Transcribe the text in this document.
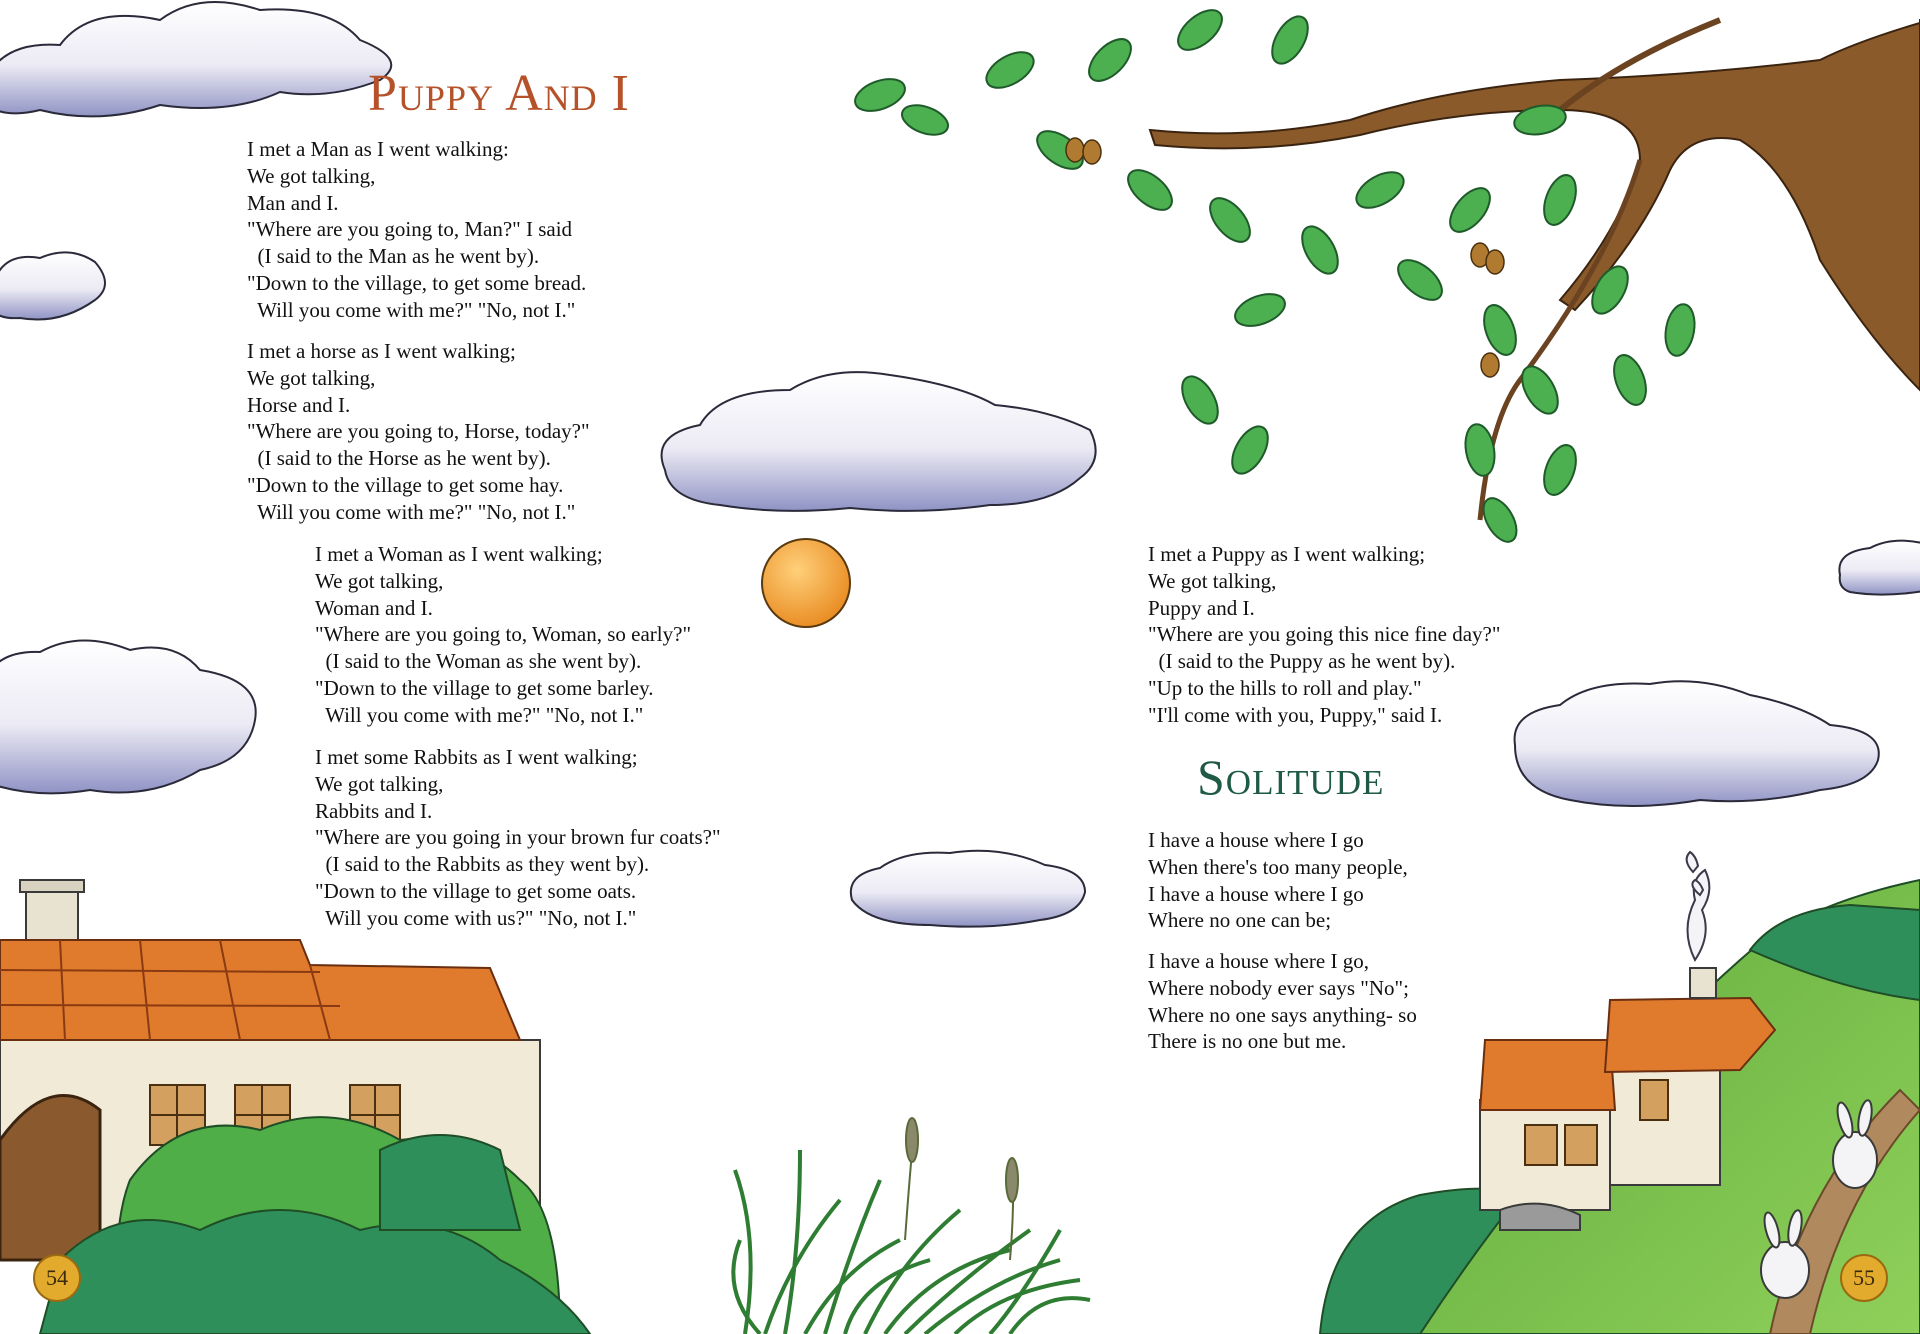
Puppy And I
I met a Man as I went walking:
We got talking,
Man and I.
"Where are you going to, Man?" I said
(I said to the Man as he went by).
"Down to the village, to get some bread.
Will you come with me?" "No, not I."
I met a horse as I went walking;
We got talking,
Horse and I.
"Where are you going to, Horse, today?"
(I said to the Horse as he went by).
"Down to the village to get some hay.
Will you come with me?" "No, not I."
I met a Woman as I went walking;
We got talking,
Woman and I.
"Where are you going to, Woman, so early?"
(I said to the Woman as she went by).
"Down to the village to get some barley.
Will you come with me?" "No, not I."
I met some Rabbits as I went walking;
We got talking,
Rabbits and I.
"Where are you going in your brown fur coats?"
(I said to the Rabbits as they went by).
"Down to the village to get some oats.
Will you come with us?" "No, not I."
I met a Puppy as I went walking;
We got talking,
Puppy and I.
"Where are you going this nice fine day?"
(I said to the Puppy as he went by).
"Up to the hills to roll and play."
"I'll come with you, Puppy," said I.
Solitude
I have a house where I go
When there's too many people,
I have a house where I go
Where no one can be;
I have a house where I go,
Where nobody ever says "No";
Where no one says anything- so
There is no one but me.
54	55
